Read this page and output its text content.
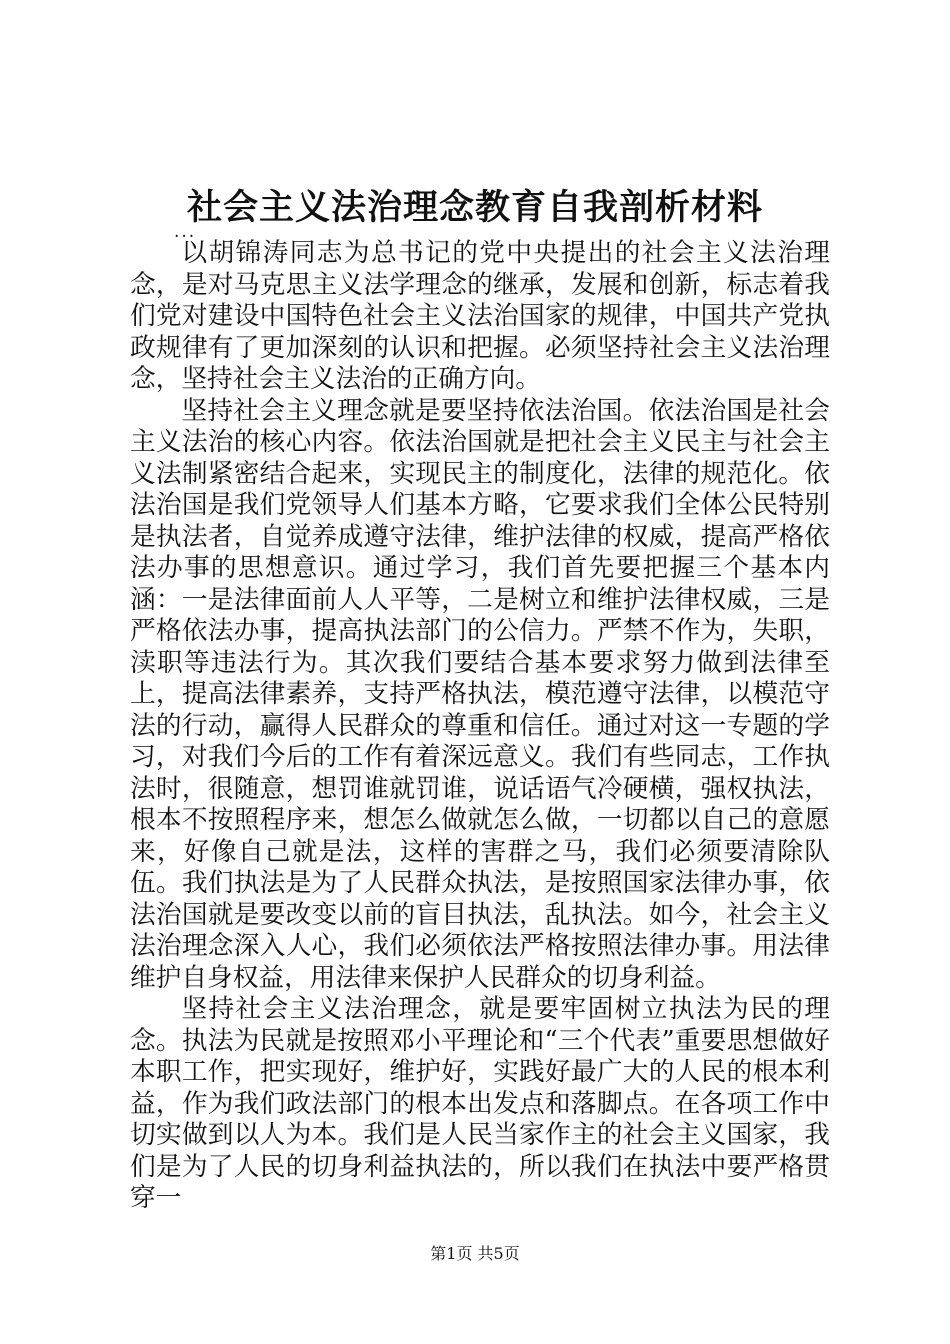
社会主义法治理念教育自我剖析材料
...

以胡锦涛同志为总书记的党中央提出的社会主义法治理念，是对马克思主义法学理念的继承，发展和创新，标志着我们党对建设中国特色社会主义法治国家的规律，中国共产党执政规律有了更加深刻的认识和把握。必须坚持社会主义法治理念，坚持社会主义法治的正确方向。

坚持社会主义理念就是要坚持依法治国。依法治国是社会主义法治的核心内容。依法治国就是把社会主义民主与社会主义法制紧密结合起来，实现民主的制度化，法律的规范化。依法治国是我们党领导人们基本方略，它要求我们全体公民特别是执法者，自觉养成遵守法律，维护法律的权威，提高严格依法办事的思想意识。通过学习，我们首先要把握三个基本内涵：一是法律面前人人平等，二是树立和维护法律权威，三是严格依法办事，提高执法部门的公信力。严禁不作为，失职，渎职等违法行为。其次我们要结合基本要求努力做到法律至上，提高法律素养，支持严格执法，模范遵守法律，以模范守法的行动，赢得人民群众的尊重和信任。通过对这一专题的学习，对我们今后的工作有着深远意义。我们有些同志，工作执法时，很随意，想罚谁就罚谁，说话语气冷硬横，强权执法，根本不按照程序来，想怎么做就怎么做，一切都以自己的意愿来，好像自己就是法，这样的害群之马，我们必须要清除队伍。我们执法是为了人民群众执法，是按照国家法律办事，依法治国就是要改变以前的盲目执法，乱执法。如今，社会主义法治理念深入人心，我们必须依法严格按照法律办事。用法律维护自身权益，用法律来保护人民群众的切身利益。

坚持社会主义法治理念，就是要牢固树立执法为民的理念。执法为民就是按照邓小平理论和“三个代表”重要思想做好本职工作，把实现好，维护好，实践好最广大的人民的根本利益，作为我们政法部门的根本出发点和落脚点。在各项工作中切实做到以人为本。我们是人民当家作主的社会主义国家，我们是为了人民的切身利益执法的，所以我们在执法中要严格贯穿一

第1页 共5页
